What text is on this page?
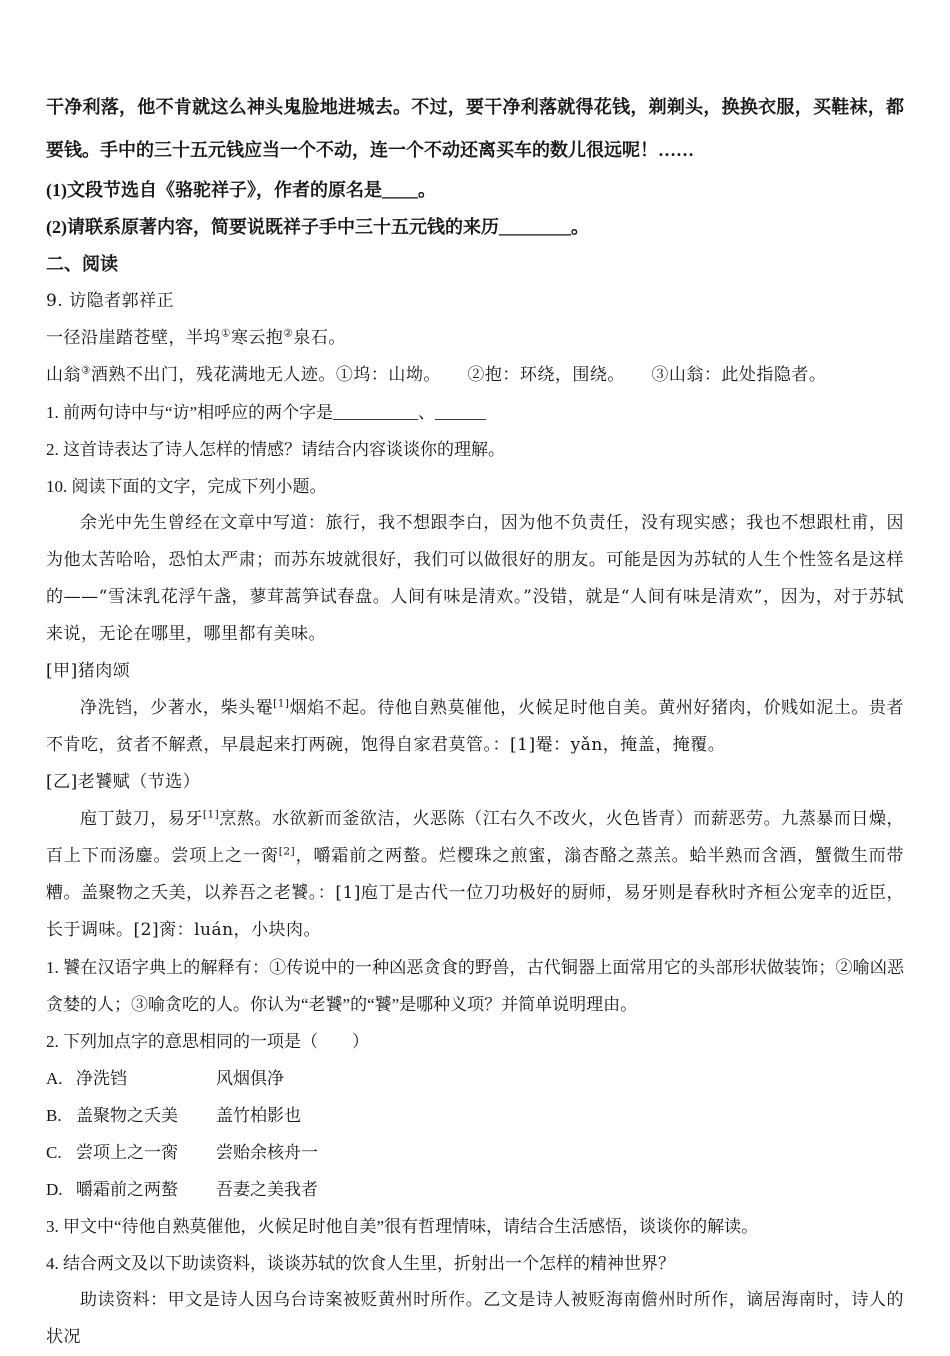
干净利落，他不肯就这么神头鬼脸地进城去。不过，要干净利落就得花钱，剃剃头，换换衣服，买鞋袜，都要钱。手中的三十五元钱应当一个不动，连一个不动还离买车的数儿很远呢！……

(1)文段节选自《骆驼祥子》，作者的原名是____。

(2)请联系原著内容，简要说既祥子手中三十五元钱的来历________。

二、阅读

9. 访隐者郭祥正

一径沿崖踏苍壁，半坞①寒云抱②泉石。

山翁③酒熟不出门，残花满地无人迹。①坞：山坳。　　②抱：环绕，围绕。　　③山翁：此处指隐者。

1. 前两句诗中与“访”相呼应的两个字是__________、______

2. 这首诗表达了诗人怎样的情感？请结合内容谈谈你的理解。

10. 阅读下面的文字，完成下列小题。

余光中先生曾经在文章中写道：旅行，我不想跟李白，因为他不负责任，没有现实感；我也不想跟杜甫，因为他太苦哈哈，恐怕太严肃；而苏东坡就很好，我们可以做很好的朋友。可能是因为苏轼的人生个性签名是这样的——“雪沫乳花浮午盏，蓼茸蒿笋试春盘。人间有味是清欢。”没错，就是“人间有味是清欢”，因为，对于苏轼来说，无论在哪里，哪里都有美味。

[甲]猪肉颂

净洗铛，少著水，柴头罨[1]烟焰不起。待他自熟莫催他，火候足时他自美。黄州好猪肉，价贱如泥土。贵者不肯吃，贫者不解煮，早晨起来打两碗，饱得自家君莫管。：[1]罨：yǎn，掩盖，掩覆。

[乙]老饕赋（节选）

庖丁鼓刀，易牙[1]烹熬。水欲新而釜欲洁，火恶陈（江右久不改火，火色皆青）而薪恶劳。九蒸暴而日燥，百上下而汤鏖。尝项上之一脔[2]，嚼霜前之两螯。烂樱珠之煎蜜，滃杏酪之蒸羔。蛤半熟而含酒，蟹微生而带糟。盖聚物之夭美，以养吾之老饕。：[1]庖丁是古代一位刀功极好的厨师，易牙则是春秋时齐桓公宠幸的近臣，长于调味。[2]脔：luán，小块肉。

1. 饕在汉语字典上的解释有：①传说中的一种凶恶贪食的野兽，古代铜器上面常用它的头部形状做装饰；②喻凶恶贪婪的人；③喻贪吃的人。你认为“老饕”的“饕”是哪种义项？并简单说明理由。

2. 下列加点字的意思相同的一项是（　　）

A. 净洗铛	风烟俱净

B. 盖聚物之夭美 盖竹柏影也

C. 尝项上之一脔 尝贻余核舟一

D. 嚼霜前之两螯 吾妻之美我者

3. 甲文中“待他自熟莫催他，火候足时他自美”很有哲理情味，请结合生活感悟，谈谈你的解读。

4. 结合两文及以下助读资料，谈谈苏轼的饮食人生里，折射出一个怎样的精神世界？

助读资料：甲文是诗人因乌台诗案被贬黄州时所作。乙文是诗人被贬海南儋州时所作，谪居海南时，诗人的状况
